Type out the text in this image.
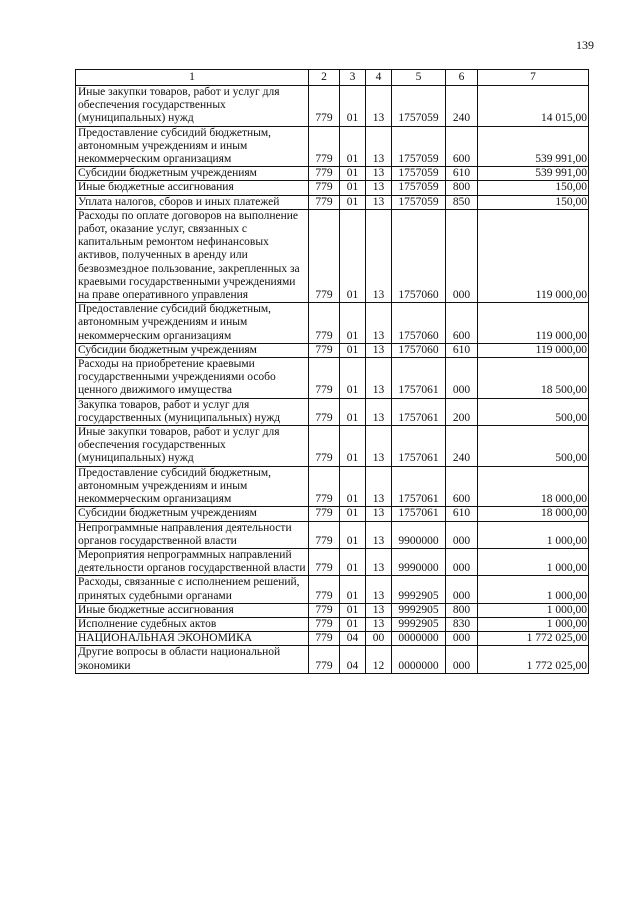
139
1	2	3	4	5	6	7
Иные закупки товаров, работ и услуг для обеспечения государственных (муниципальных) нужд	779	01	13	1757059	240	14 015,00
Предоставление субсидий бюджетным, автономным учреждениям и иным некоммерческим организациям	779	01	13	1757059	600	539 991,00
Субсидии бюджетным учреждениям	779	01	13	1757059	610	539 991,00
Иные бюджетные ассигнования	779	01	13	1757059	800	150,00
Уплата налогов, сборов и иных платежей	779	01	13	1757059	850	150,00
Расходы по оплате договоров на выполнение работ, оказание услуг, связанных с капитальным ремонтом нефинансовых активов, полученных в аренду или безвозмездное пользование, закрепленных за краевыми государственными учреждениями на праве оперативного управления	779	01	13	1757060	000	119 000,00
Предоставление субсидий бюджетным, автономным учреждениям и иным некоммерческим организациям	779	01	13	1757060	600	119 000,00
Субсидии бюджетным учреждениям	779	01	13	1757060	610	119 000,00
Расходы на приобретение краевыми государственными учреждениями особо ценного движимого имущества	779	01	13	1757061	000	18 500,00
Закупка товаров, работ и услуг для государственных (муниципальных) нужд	779	01	13	1757061	200	500,00
Иные закупки товаров, работ и услуг для обеспечения государственных (муниципальных) нужд	779	01	13	1757061	240	500,00
Предоставление субсидий бюджетным, автономным учреждениям и иным некоммерческим организациям	779	01	13	1757061	600	18 000,00
Субсидии бюджетным учреждениям	779	01	13	1757061	610	18 000,00
Непрограммные направления деятельности органов государственной власти	779	01	13	9900000	000	1 000,00
Мероприятия непрограммных направлений деятельности органов государственной власти	779	01	13	9990000	000	1 000,00
Расходы, связанные с исполнением решений, принятых судебными органами	779	01	13	9992905	000	1 000,00
Иные бюджетные ассигнования	779	01	13	9992905	800	1 000,00
Исполнение судебных актов	779	01	13	9992905	830	1 000,00
НАЦИОНАЛЬНАЯ ЭКОНОМИКА	779	04	00	0000000	000	1 772 025,00
Другие вопросы в области национальной экономики	779	04	12	0000000	000	1 772 025,00
